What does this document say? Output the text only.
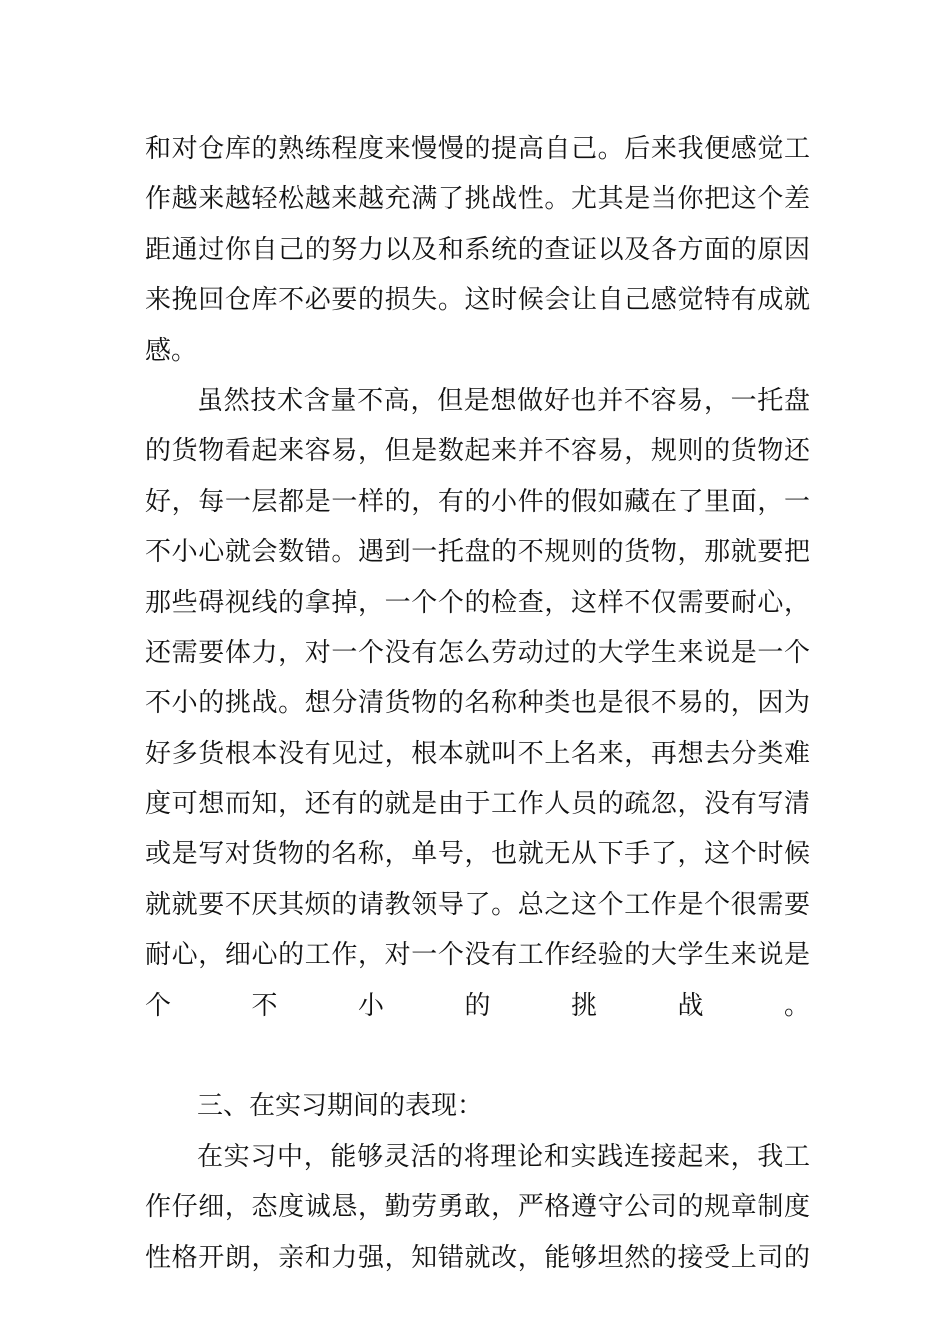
和对仓库的熟练程度来慢慢的提高自己。后来我便感觉工
作越来越轻松越来越充满了挑战性。尤其是当你把这个差
距通过你自己的努力以及和系统的查证以及各方面的原因
来挽回仓库不必要的损失。这时候会让自己感觉特有成就
感。
虽然技术含量不高，但是想做好也并不容易，一托盘
的货物看起来容易，但是数起来并不容易，规则的货物还
好，每一层都是一样的，有的小件的假如藏在了里面，一
不小心就会数错。遇到一托盘的不规则的货物，那就要把
那些碍视线的拿掉，一个个的检查，这样不仅需要耐心，
还需要体力，对一个没有怎么劳动过的大学生来说是一个
不小的挑战。想分清货物的名称种类也是很不易的，因为
好多货根本没有见过，根本就叫不上名来，再想去分类难
度可想而知，还有的就是由于工作人员的疏忽，没有写清
或是写对货物的名称，单号，也就无从下手了，这个时候
就就要不厌其烦的请教领导了。总之这个工作是个很需要
耐心，细心的工作，对一个没有工作经验的大学生来说是
个不小的挑战。
三、在实习期间的表现：
在实习中，能够灵活的将理论和实践连接起来，我工
作仔细，态度诚恳，勤劳勇敢，严格遵守公司的规章制度
性格开朗，亲和力强，知错就改，能够坦然的接受上司的
